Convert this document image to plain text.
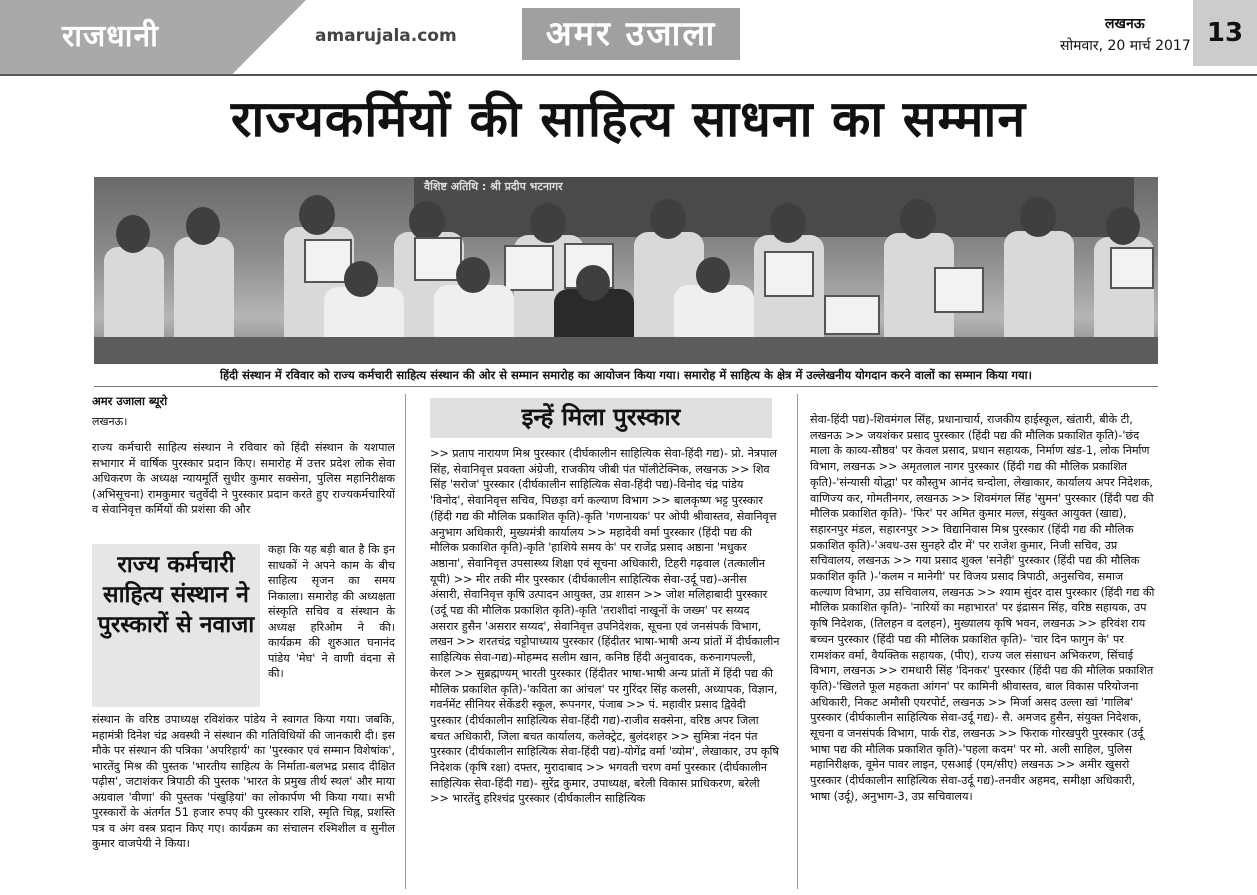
राजधानी	amarujala.com	अमर उजाला	लखनऊ
सोमवार, 20 मार्च 2017 13
राज्यकर्मियों की साहित्य साधना का सम्मान
वैशिष्ट अतिथि : श्री प्रदीप भटनागर
हिंदी संस्थान में रविवार को राज्य कर्मचारी साहित्य संस्थान की ओर से सम्मान समारोह का आयोजन किया गया। समारोह में साहित्य के क्षेत्र में उल्लेखनीय योगदान करने वालों का सम्मान किया गया।
अमर उजाला ब्यूरो
लखनऊ।

राज्य कर्मचारी साहित्य संस्थान ने रविवार को हिंदी संस्थान के यशपाल सभागार में वार्षिक पुरस्कार प्रदान किए। समारोह में उत्तर प्रदेश लोक सेवा अधिकरण के अध्यक्ष न्यायमूर्ति सुधीर कुमार सक्सेना, पुलिस महानिरीक्षक (अभिसूचना) रामकुमार चतुर्वेदी ने पुरस्कार प्रदान करते हुए राज्यकर्मचारियों व सेवानिवृत्त कर्मियों की प्रशंसा की और

राज्य कर्मचारी साहित्य संस्थान ने पुरस्कारों से नवाजा

कहा कि यह बड़ी बात है कि इन साधकों ने अपने काम के बीच साहित्य सृजन का समय निकाला। समारोह की अध्यक्षता संस्कृति सचिव व संस्थान के अध्यक्ष हरिओम ने की। कार्यक्रम की शुरुआत घनानंद पांडेय 'मेघ' ने वाणी वंदना से की।

संस्थान के वरिष्ठ उपाध्यक्ष रविशंकर पांडेय ने स्वागत किया गया। जबकि, महामंत्री दिनेश चंद्र अवस्थी ने संस्थान की गतिविधियों की जानकारी दी। इस मौके पर संस्थान की पत्रिका 'अपरिहार्य' का 'पुरस्कार एवं सम्मान विशेषांक', भारतेंदु मिश्र की पुस्तक 'भारतीय साहित्य के निर्माता-बलभद्र प्रसाद दीक्षित पढ़ीस', जटाशंकर त्रिपाठी की पुस्तक 'भारत के प्रमुख तीर्थ स्थल' और माया अग्रवाल 'वीणा' की पुस्तक 'पंखुड़ियां' का लोकार्पण भी किया गया। सभी पुरस्कारों के अंतर्गत 51 हजार रुपए की पुरस्कार राशि, स्मृति चिह्न, प्रशस्ति पत्र व अंग वस्त्र प्रदान किए गए। कार्यक्रम का संचालन रश्मिशील व सुनील कुमार वाजपेयी ने किया।

इन्हें मिला पुरस्कार

>> प्रताप नारायण मिश्र पुरस्कार (दीर्घकालीन साहित्यिक सेवा-हिंदी गद्य)- प्रो. नेत्रपाल सिंह, सेवानिवृत्त प्रवक्ता अंग्रेजी, राजकीय जीबी पंत पॉलीटेक्निक, लखनऊ >> शिव सिंह 'सरोज' पुरस्कार (दीर्घकालीन साहित्यिक सेवा-हिंदी पद्य)-विनोद चंद्र पांडेय 'विनोद', सेवानिवृत्त सचिव, पिछड़ा वर्ग कल्याण विभाग >> बालकृष्ण भट्ट पुरस्कार (हिंदी गद्य की मौलिक प्रकाशित कृति)-कृति 'गणनायक' पर ओपी श्रीवास्तव, सेवानिवृत्त अनुभाग अधिकारी, मुख्यमंत्री कार्यालय >> महादेवी वर्मा पुरस्कार (हिंदी पद्य की मौलिक प्रकाशित कृति)-कृति 'हाशिये समय के' पर राजेंद्र प्रसाद अष्ठाना 'मधुकर अष्ठाना', सेवानिवृत्त उपसास्थ्य शिक्षा एवं सूचना अधिकारी, टिहरी गढ़वाल (तत्कालीन यूपी) >> मीर तकी मीर पुरस्कार (दीर्घकालीन साहित्यिक सेवा-उर्दू पद्य)-अनीस अंसारी, सेवानिवृत्त कृषि उत्पादन आयुक्त, उप्र शासन >> जोश मलिहाबादी पुरस्कार (उर्दू पद्य की मौलिक प्रकाशित कृति)-कृति 'तराशीदां नाखूनों के जख्म' पर सय्यद असरार हुसैन 'असरार सय्यद', सेवानिवृत्त उपनिदेशक, सूचना एवं जनसंपर्क विभाग, लखन >> शरतचंद्र चट्टोपाध्याय पुरस्कार (हिंदीतर भाषा-भाषी अन्य प्रांतों में दीर्घकालीन साहित्यिक सेवा-गद्य)-मोहम्मद सलीम खान, कनिष्ठ हिंदी अनुवादक, करुनागपल्ली, केरल >> सुब्रह्मण्यम् भारती पुरस्कार (हिंदीतर भाषा-भाषी अन्य प्रांतों में हिंदी पद्य की मौलिक प्रकाशित कृति)-'कविता का आंचल' पर गुरिंदर सिंह कलसी, अध्यापक, विज्ञान, गवर्नमेंट सीनियर सेकेंडरी स्कूल, रूपनगर, पंजाब >> पं. महावीर प्रसाद द्विवेदी पुरस्कार (दीर्घकालीन साहित्यिक सेवा-हिंदी गद्य)-राजीव सक्सेना, वरिष्ठ अपर जिला बचत अधिकारी, जिला बचत कार्यालय, कलेक्ट्रेट, बुलंदशहर >> सुमित्रा नंदन पंत पुरस्कार (दीर्घकालीन साहित्यिक सेवा-हिंदी पद्य)-योगेंद्र वर्मा 'व्योम', लेखाकार, उप कृषि निदेशक (कृषि रक्षा) दफ्तर, मुरादाबाद >> भगवती चरण वर्मा पुरस्कार (दीर्घकालीन साहित्यिक सेवा-हिंदी गद्य)- सुरेंद्र कुमार, उपाध्यक्ष, बरेली विकास प्राधिकरण, बरेली >> भारतेंदु हरिश्चंद्र पुरस्कार (दीर्घकालीन साहित्यिक

सेवा-हिंदी पद्य)-शिवमंगल सिंह, प्रधानाचार्य, राजकीय हाईस्कूल, खंतारी, बीके टी, लखनऊ >> जयशंकर प्रसाद पुरस्कार (हिंदी पद्य की मौलिक प्रकाशित कृति)-'छंद माला के काव्य-सौष्ठव' पर केवल प्रसाद, प्रधान सहायक, निर्माण खंड-1, लोक निर्माण विभाग, लखनऊ >> अमृतलाल नागर पुरस्कार (हिंदी गद्य की मौलिक प्रकाशित कृति)-'संन्यासी योद्धा' पर कौस्तुभ आनंद चन्दोला, लेखाकार, कार्यालय अपर निदेशक, वाणिज्य कर, गोमतीनगर, लखनऊ >> शिवमंगल सिंह 'सुमन' पुरस्कार (हिंदी पद्य की मौलिक प्रकाशित कृति)- 'फिर' पर अमित कुमार मल्ल, संयुक्त आयुक्त (खाद्य), सहारनपुर मंडल, सहारनपुर >> विद्यानिवास मिश्र पुरस्कार (हिंदी गद्य की मौलिक प्रकाशित कृति)-'अवध-उस सुनहरे दौर में' पर राजेश कुमार, निजी सचिव, उप्र सचिवालय, लखनऊ >> गया प्रसाद शुक्ल 'सनेही' पुरस्कार (हिंदी पद्य की मौलिक प्रकाशित कृति )-'कलम न मानेगी' पर विजय प्रसाद त्रिपाठी, अनुसचिव, समाज कल्याण विभाग, उप्र सचिवालय, लखनऊ >> श्याम सुंदर दास पुरस्कार (हिंदी गद्य की मौलिक प्रकाशित कृति)- 'नारियों का महाभारत' पर इंद्रासन सिंह, वरिष्ठ सहायक, उप कृषि निदेशक, (तिलहन व दलहन), मुख्यालय कृषि भवन, लखनऊ >> हरिवंश राय बच्चन पुरस्कार (हिंदी पद्य की मौलिक प्रकाशित कृति)- 'चार दिन फागुन के' पर रामशंकर वर्मा, वैयक्तिक सहायक, (पीए), राज्य जल संसाधन अभिकरण, सिंचाई विभाग, लखनऊ >> रामधारी सिंह 'दिनकर' पुरस्कार (हिंदी पद्य की मौलिक प्रकाशित कृति)-'खिलते फूल महकता आंगन' पर कामिनी श्रीवास्तव, बाल विकास परियोजना अधिकारी, निकट अमौसी एयरपोर्ट, लखनऊ >> मिर्जा असद उल्ला खां 'गालिब' पुरस्कार (दीर्घकालीन साहित्यिक सेवा-उर्दू गद्य)- सै. अमजद हुसैन, संयुक्त निदेशक, सूचना व जनसंपर्क विभाग, पार्क रोड, लखनऊ >> फिराक गोरखपुरी पुरस्कार (उर्दू भाषा पद्य की मौलिक प्रकाशित कृति)-'पहला कदम' पर मो. अली साहिल, पुलिस महानिरीक्षक, वूमेन पावर लाइन, एसआई (एम/सीए) लखनऊ >> अमीर खुसरो पुरस्कार (दीर्घकालीन साहित्यिक सेवा-उर्दू गद्य)-तनवीर अहमद, समीक्षा अधिकारी, भाषा (उर्दू), अनुभाग-3, उप्र सचिवालय।
